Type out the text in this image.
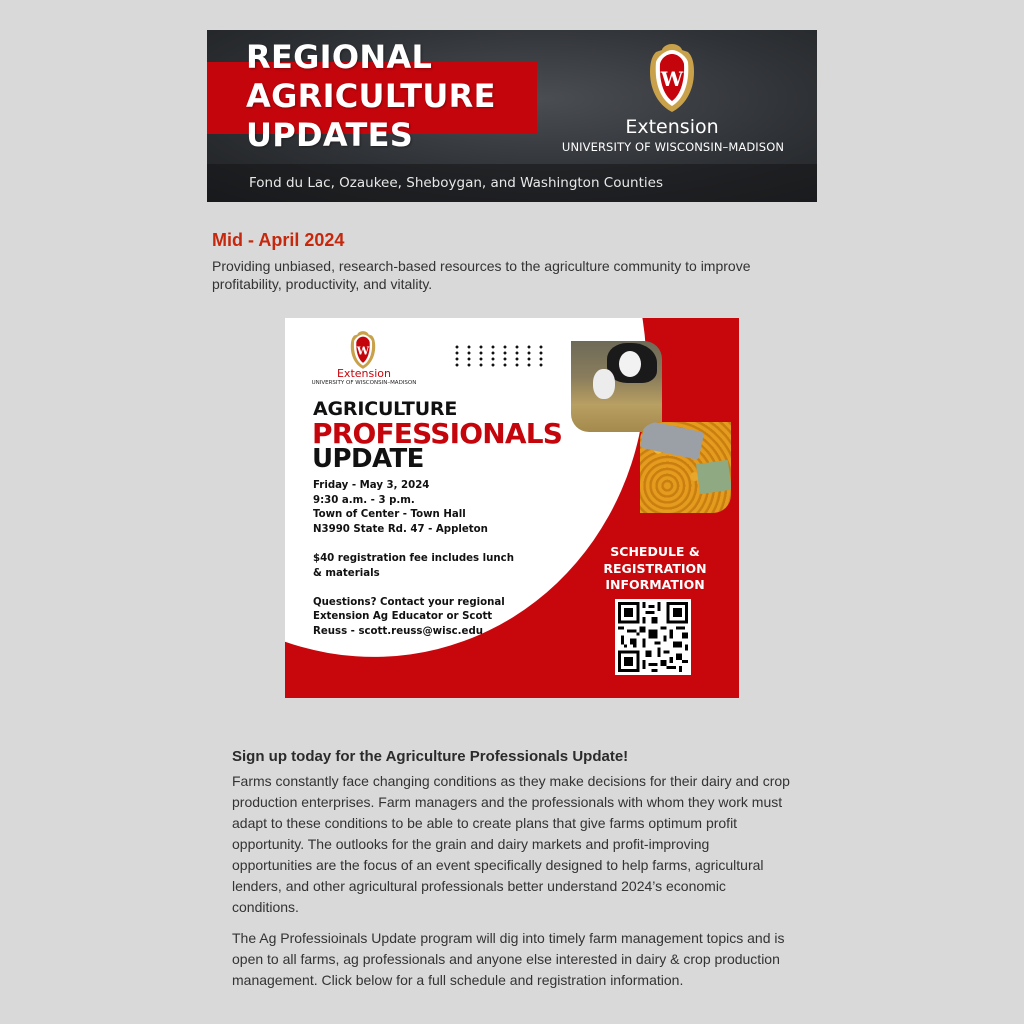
REGIONAL
AGRICULTURE
UPDATES
W
Extension
UNIVERSITY OF WISCONSIN–MADISON
Fond du Lac, Ozaukee, Sheboygan, and Washington Counties
Mid - April 2024
Providing unbiased, research-based resources to the agriculture community to improve profitability, productivity, and vitality.
W
Extension
UNIVERSITY OF WISCONSIN–MADISON
AGRICULTURE
PROFESSIONALS
UPDATE

Friday - May 3, 2024
9:30 a.m. - 3 p.m.
Town of Center - Town Hall
N3990 State Rd. 47 - Appleton

$40 registration fee includes lunch
& materials

Questions? Contact your regional
Extension Ag Educator or Scott
Reuss - scott.reuss@wisc.edu

SCHEDULE &
REGISTRATION
INFORMATION
Sign up today for the Agriculture Professionals Update!

Farms constantly face changing conditions as they make decisions for their dairy and crop production enterprises. Farm managers and the professionals with whom they work must adapt to these conditions to be able to create plans that give farms optimum profit opportunity. The outlooks for the grain and dairy markets and profit-improving opportunities are the focus of an event specifically designed to help farms, agricultural lenders, and other agricultural professionals better understand 2024’s economic conditions.

The Ag Professioinals Update program will dig into timely farm management topics and is open to all farms, ag professionals and anyone else interested in dairy & crop production management. Click below for a full schedule and registration information.
